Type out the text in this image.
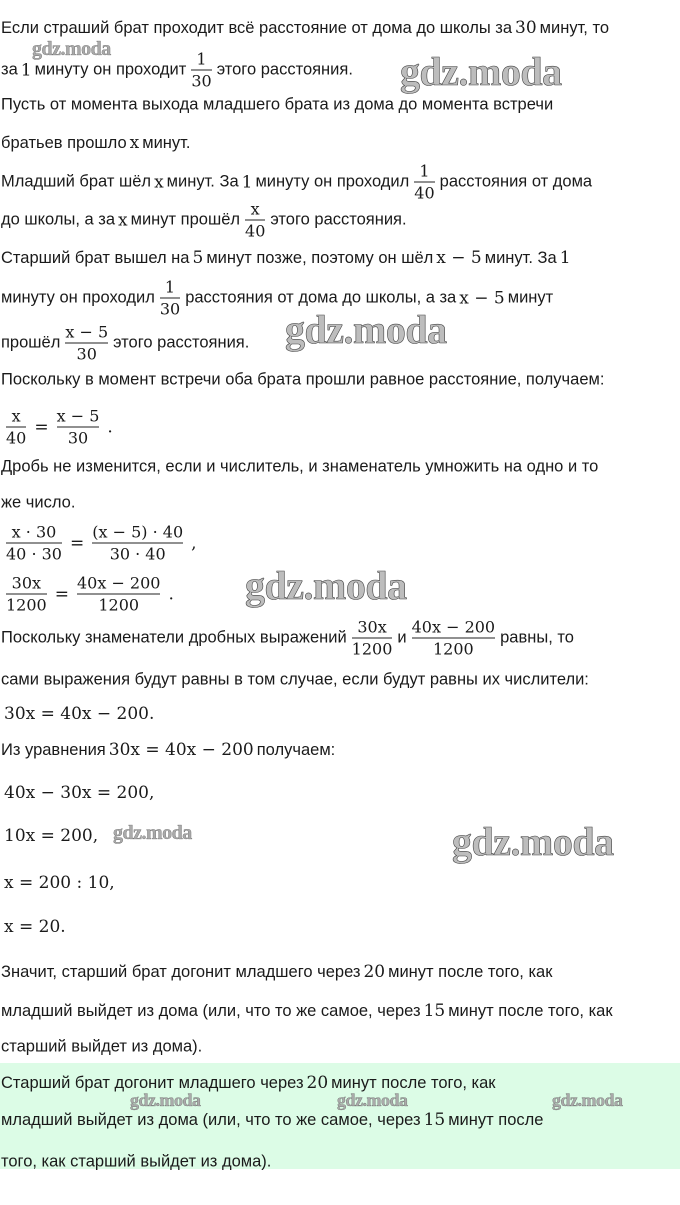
Если страший брат проходит всё расстояние от дома до школы за 30 минут, то
за 1 минуту он проходит $\frac{1}{30}$ этого расстояния.
Пусть от момента выхода младшего брата из дома до момента встречи
братьев прошло x минут.
Младший брат шёл x минут. За 1 минуту он проходил $\frac{1}{40}$ расстояния от дома
до школы, а за x минут прошёл $\frac{x}{40}$ этого расстояния.
Старший брат вышел на 5 минут позже, поэтому он шёл x − 5 минут. За 1
минуту он проходил $\frac{1}{30}$ расстояния от дома до школы, а за x − 5 минут
прошёл $\frac{x - 5}{30}$ этого расстояния.
Поскольку в момент встречи оба брата прошли равное расстояние, получаем:
$\frac{x}{40} = \frac{x - 5}{30}$ .
Дробь не изменится, если и числитель, и знаменатель умножить на одно и то
же число.
$\frac{x \cdot 30}{40 \cdot 30} = \frac{(x - 5) \cdot 40}{30 \cdot 40}$ ,
$\frac{30x}{1200} = \frac{40x - 200}{1200}$ .
Поскольку знаменатели дробных выражений $\frac{30x}{1200}$ и $\frac{40x - 200}{1200}$ равны, то
сами выражения будут равны в том случае, если будут равны их числители:
30x = 40x − 200.
Из уравнения 30x = 40x − 200 получаем:
40x − 30x = 200,
10x = 200,
x = 200 : 10,
x = 20.
Значит, старший брат догонит младшего через 20 минут после того, как
младший выйдет из дома (или, что то же самое, через 15 минут после того, как
старший выйдет из дома).
Старший брат догонит младшего через 20 минут после того, как
младший выйдет из дома (или, что то же самое, через 15 минут после
того, как старший выйдет из дома).
gdz.moda	gdz.moda
gdz.moda
gdz.moda
gdz.moda	gdz.moda
gdz.moda	gdz.moda	gdz.moda
